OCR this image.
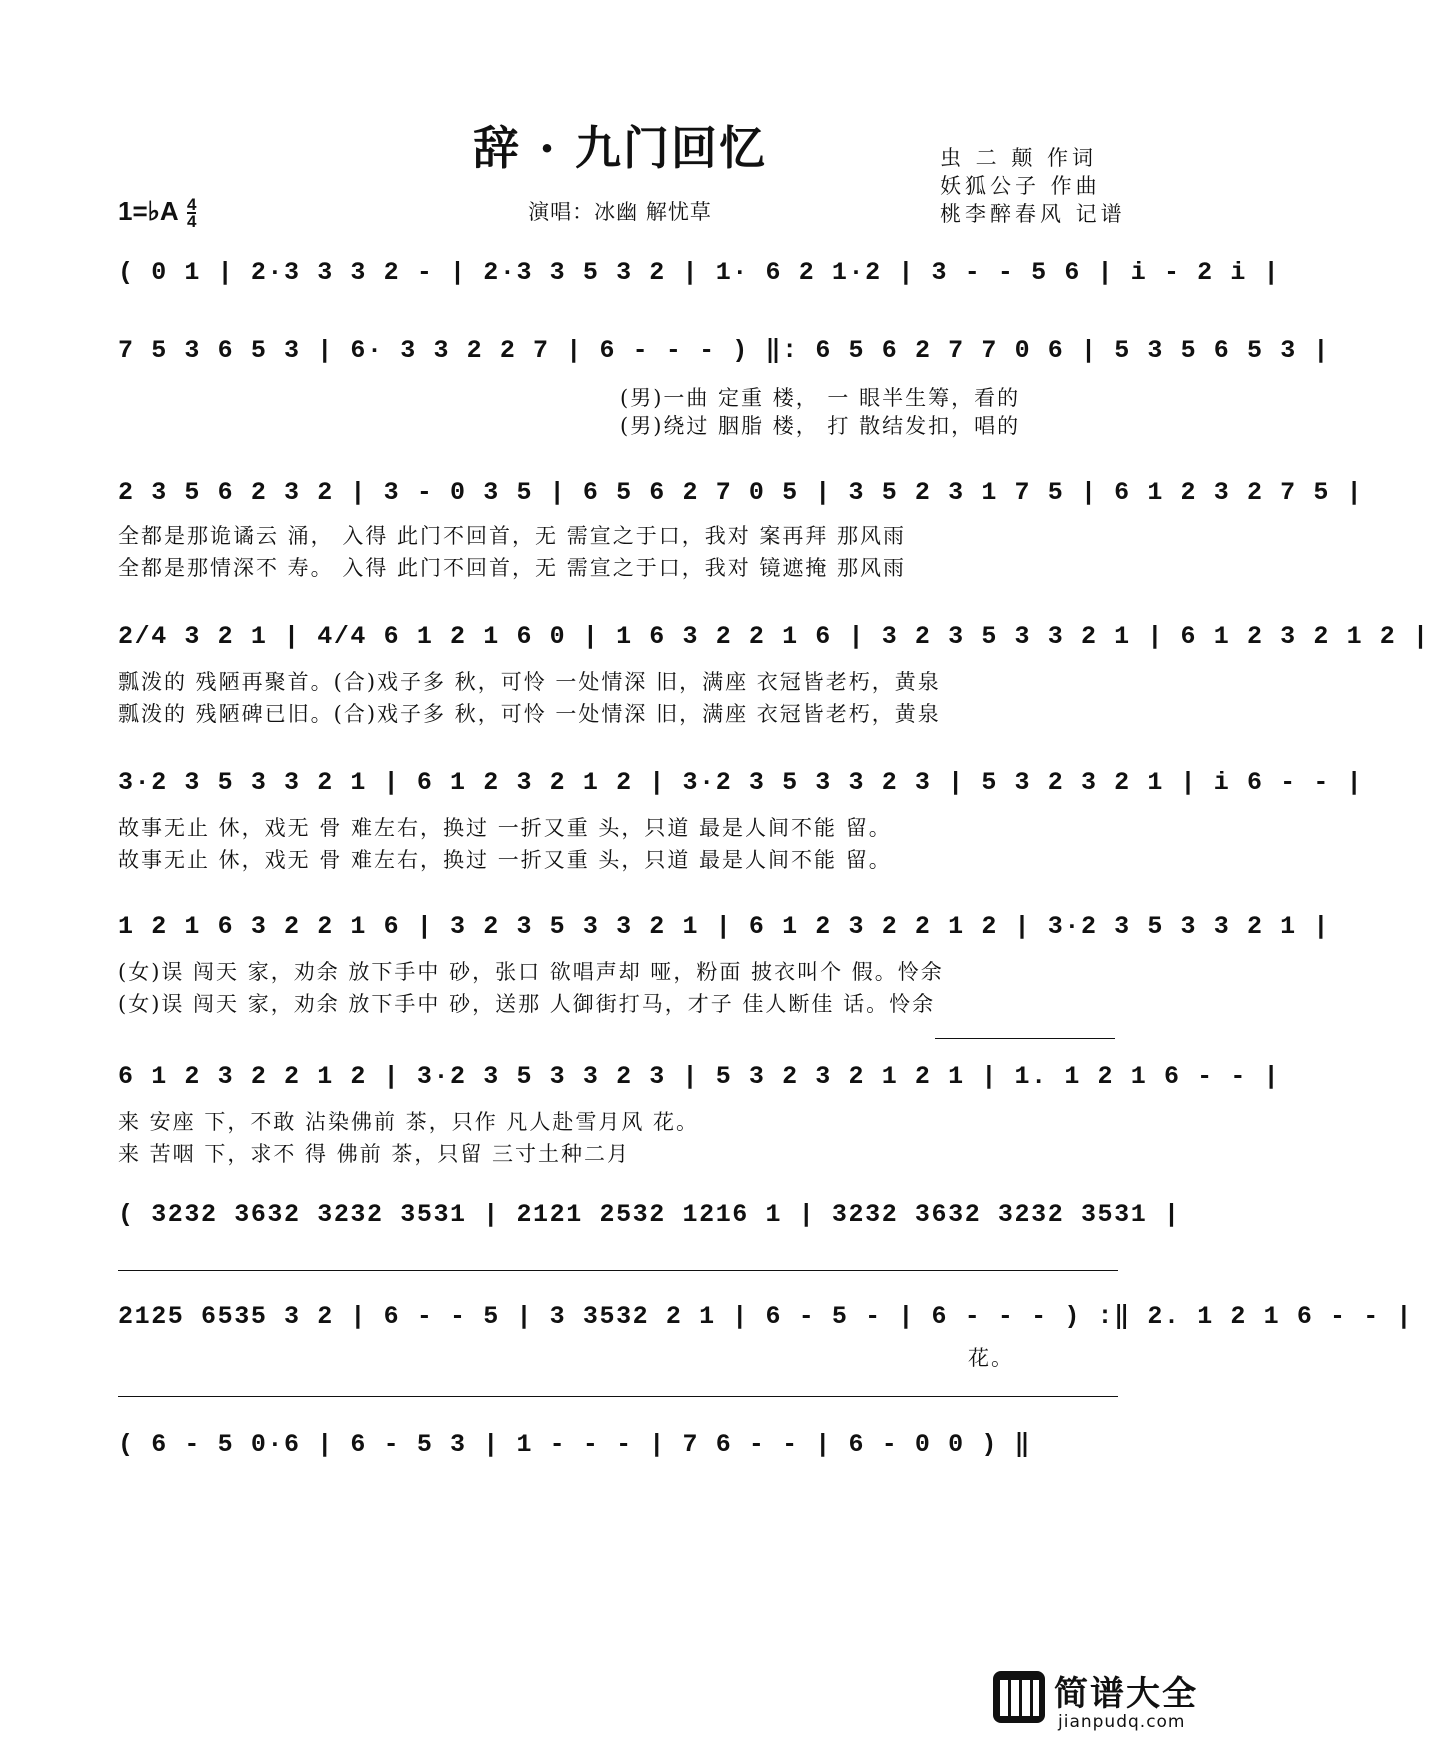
辞 · 九门回忆
演唱：冰幽 解忧草
虫 二 颠 作词
妖狐公子 作曲
桃李醉春风 记谱
1=♭A $\frac{4}{4}$
( 0 1 | 2·3 3 3 2 - | 2·3 3 5 3 2 | 1· 6 2 1·2 | 3 - - 5 6 | i - 2 i |
7 5 3 6 5 3 | 6· 3 3 2 2 7 | 6 - - - ) ‖: 6 5 6 2 7 7 0 6 | 5 3 5 6 5 3 |
(男)一曲 定重 楼， 一 眼半生筹，看的
(男)绕过 胭脂 楼， 打 散结发扣，唱的
2 3 5 6 2 3 2 | 3 - 0 3 5 | 6 5 6 2 7 0 5 | 3 5 2 3 1 7 5 | 6 1 2 3 2 7 5 |
全都是那诡谲云 涌， 入得 此门不回首，无 需宣之于口，我对 案再拜 那风雨
全都是那情深不 寿。 入得 此门不回首，无 需宣之于口，我对 镜遮掩 那风雨
2/4 3 2 1 | 4/4 6 1 2 1 6 0 | 1 6 3 2 2 1 6 | 3 2 3 5 3 3 2 1 | 6 1 2 3 2 1 2 |
瓢泼的 残陋再聚首。(合)戏子多 秋，可怜 一处情深 旧，满座 衣冠皆老朽，黄泉
瓢泼的 残陋碑已旧。(合)戏子多 秋，可怜 一处情深 旧，满座 衣冠皆老朽，黄泉
3·2 3 5 3 3 2 1 | 6 1 2 3 2 1 2 | 3·2 3 5 3 3 2 3 | 5 3 2 3 2 1 | i 6 - - |
故事无止 休，戏无 骨 难左右，换过 一折又重 头，只道 最是人间不能 留。
故事无止 休，戏无 骨 难左右，换过 一折又重 头，只道 最是人间不能 留。
1 2 1 6 3 2 2 1 6 | 3 2 3 5 3 3 2 1 | 6 1 2 3 2 2 1 2 | 3·2 3 5 3 3 2 1 |
(女)误 闯天 家，劝余 放下手中 砂，张口 欲唱声却 哑，粉面 披衣叫个 假。怜余
(女)误 闯天 家，劝余 放下手中 砂，送那 人御街打马，才子 佳人断佳 话。怜余
6 1 2 3 2 2 1 2 | 3·2 3 5 3 3 2 3 | 5 3 2 3 2 1 2 1 | 1. 1 2 1 6 - - |
来 安座 下，不敢 沾染佛前 茶，只作 凡人赴雪月风 花。
来 苦咽 下，求不 得 佛前 茶，只留 三寸土种二月
( 3232 3632 3232 3531 | 2121 2532 1216 1 | 3232 3632 3232 3531 |
2125 6535 3 2 | 6 - - 5 | 3 3532 2 1 | 6 - 5 - | 6 - - - ) :‖ 2. 1 2 1 6 - - |
花。
( 6 - 5 0·6 | 6 - 5 3 | 1 - - - | 7 6 - - | 6 - 0 0 ) ‖
简谱大全
jianpudq.com
